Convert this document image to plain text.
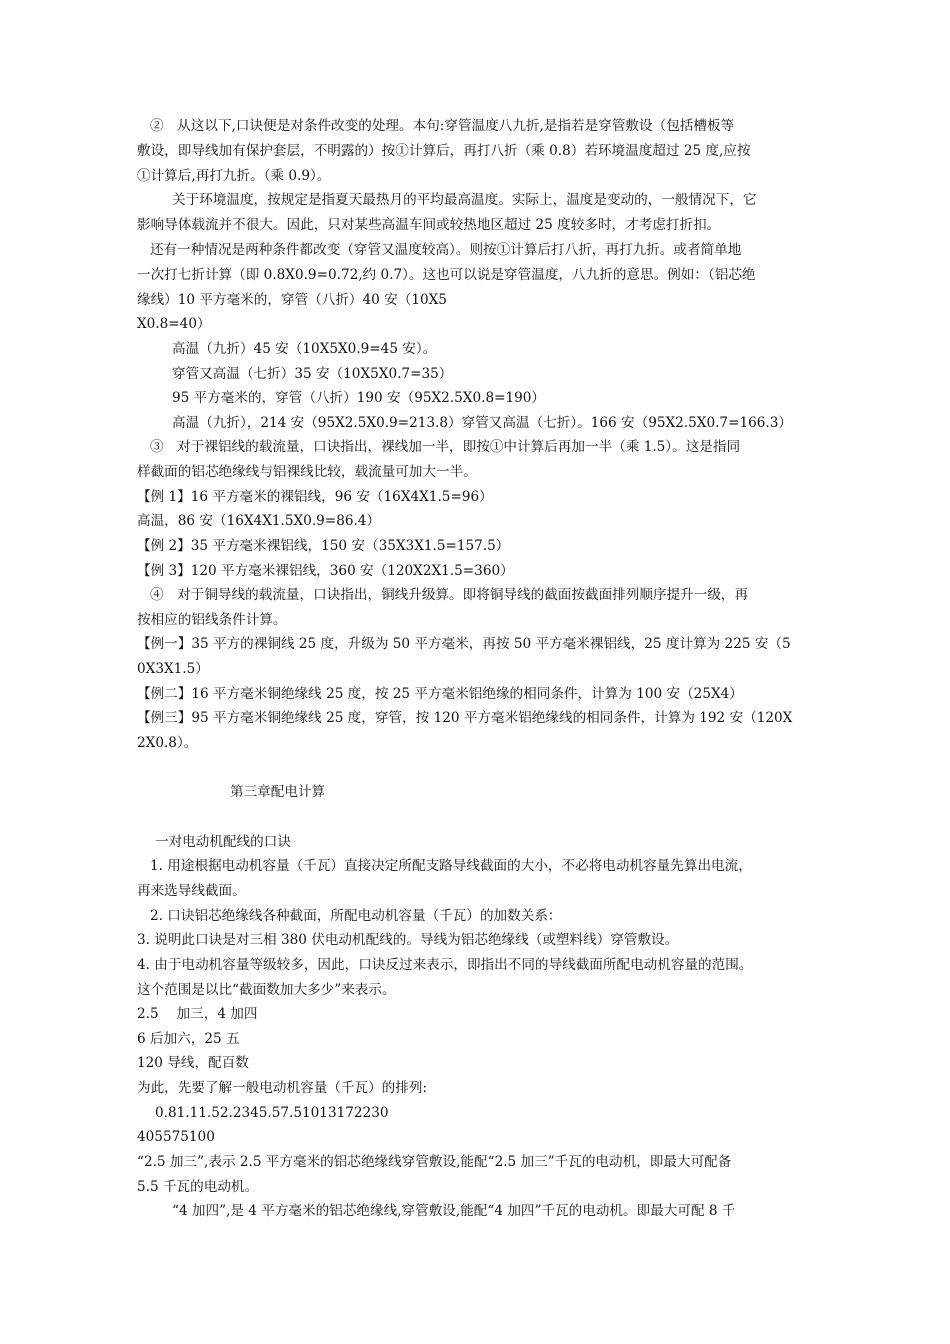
②　从这以下,口诀便是对条件改变的处理。本句:穿管温度八九折,是指若是穿管敷设（包括槽板等
敷设，即导线加有保护套层，不明露的）按①计算后，再打八折（乘 0.8）若环境温度超过 25 度,应按
①计算后,再打九折。（乘 0.9）。
关于环境温度，按规定是指夏天最热月的平均最高温度。实际上，温度是变动的，一般情况下，它
影响导体载流并不很大。因此，只对某些高温车间或较热地区超过 25 度较多时，才考虑打折扣。
还有一种情况是两种条件都改变（穿管又温度较高）。则按①计算后打八折，再打九折。或者简单地
一次打七折计算（即 0.8X0.9=0.72,约 0.7）。这也可以说是穿管温度，八九折的意思。例如：（铝芯绝
缘线）10 平方毫米的，穿管（八折）40 安（10X5
X0.8=40）
高温（九折）45 安（10X5X0.9=45 安）。
穿管又高温（七折）35 安（10X5X0.7=35）
95 平方毫米的，穿管（八折）190 安（95X2.5X0.8=190）
高温（九折），214 安（95X2.5X0.9=213.8）穿管又高温（七折）。166 安（95X2.5X0.7=166.3）
③　对于裸铝线的载流量，口诀指出，裸线加一半，即按①中计算后再加一半（乘 1.5）。这是指同
样截面的铝芯绝缘线与铝裸线比较，载流量可加大一半。
【例 1】16 平方毫米的裸铝线，96 安（16X4X1.5=96）
高温，86 安（16X4X1.5X0.9=86.4）
【例 2】35 平方毫米裸铝线，150 安（35X3X1.5=157.5）
【例 3】120 平方毫米裸铝线，360 安（120X2X1.5=360）
④　对于铜导线的载流量，口诀指出，铜线升级算。即将铜导线的截面按截面排列顺序提升一级，再
按相应的铝线条件计算。
【例一】35 平方的裸铜线 25 度，升级为 50 平方毫米，再按 50 平方毫米裸铝线，25 度计算为 225 安（5
0X3X1.5）
【例二】16 平方毫米铜绝缘线 25 度，按 25 平方毫米铝绝缘的相同条件，计算为 100 安（25X4）
【例三】95 平方毫米铜绝缘线 25 度，穿管，按 120 平方毫米铝绝缘线的相同条件，计算为 192 安（120X
2X0.8）。
第三章配电计算
一对电动机配线的口诀
1. 用途根据电动机容量（千瓦）直接决定所配支路导线截面的大小，不必将电动机容量先算出电流，
再来选导线截面。
2. 口诀铝芯绝缘线各种截面，所配电动机容量（千瓦）的加数关系：
3. 说明此口诀是对三相 380 伏电动机配线的。导线为铝芯绝缘线（或塑料线）穿管敷设。
4. 由于电动机容量等级较多，因此，口诀反过来表示，即指出不同的导线截面所配电动机容量的范围。
这个范围是以比“截面数加大多少”来表示。
2.5　 加三，4 加四
6 后加六，25 五
120 导线，配百数
为此，先要了解一般电动机容量（千瓦）的排列:
0.81.11.52.2345.57.51013172230
405575100
“2.5 加三”,表示 2.5 平方毫米的铝芯绝缘线穿管敷设,能配“2.5 加三”千瓦的电动机，即最大可配备
5.5 千瓦的电动机。
“4 加四”,是 4 平方毫米的铝芯绝缘线,穿管敷设,能配“4 加四”千瓦的电动机。即最大可配 8 千
